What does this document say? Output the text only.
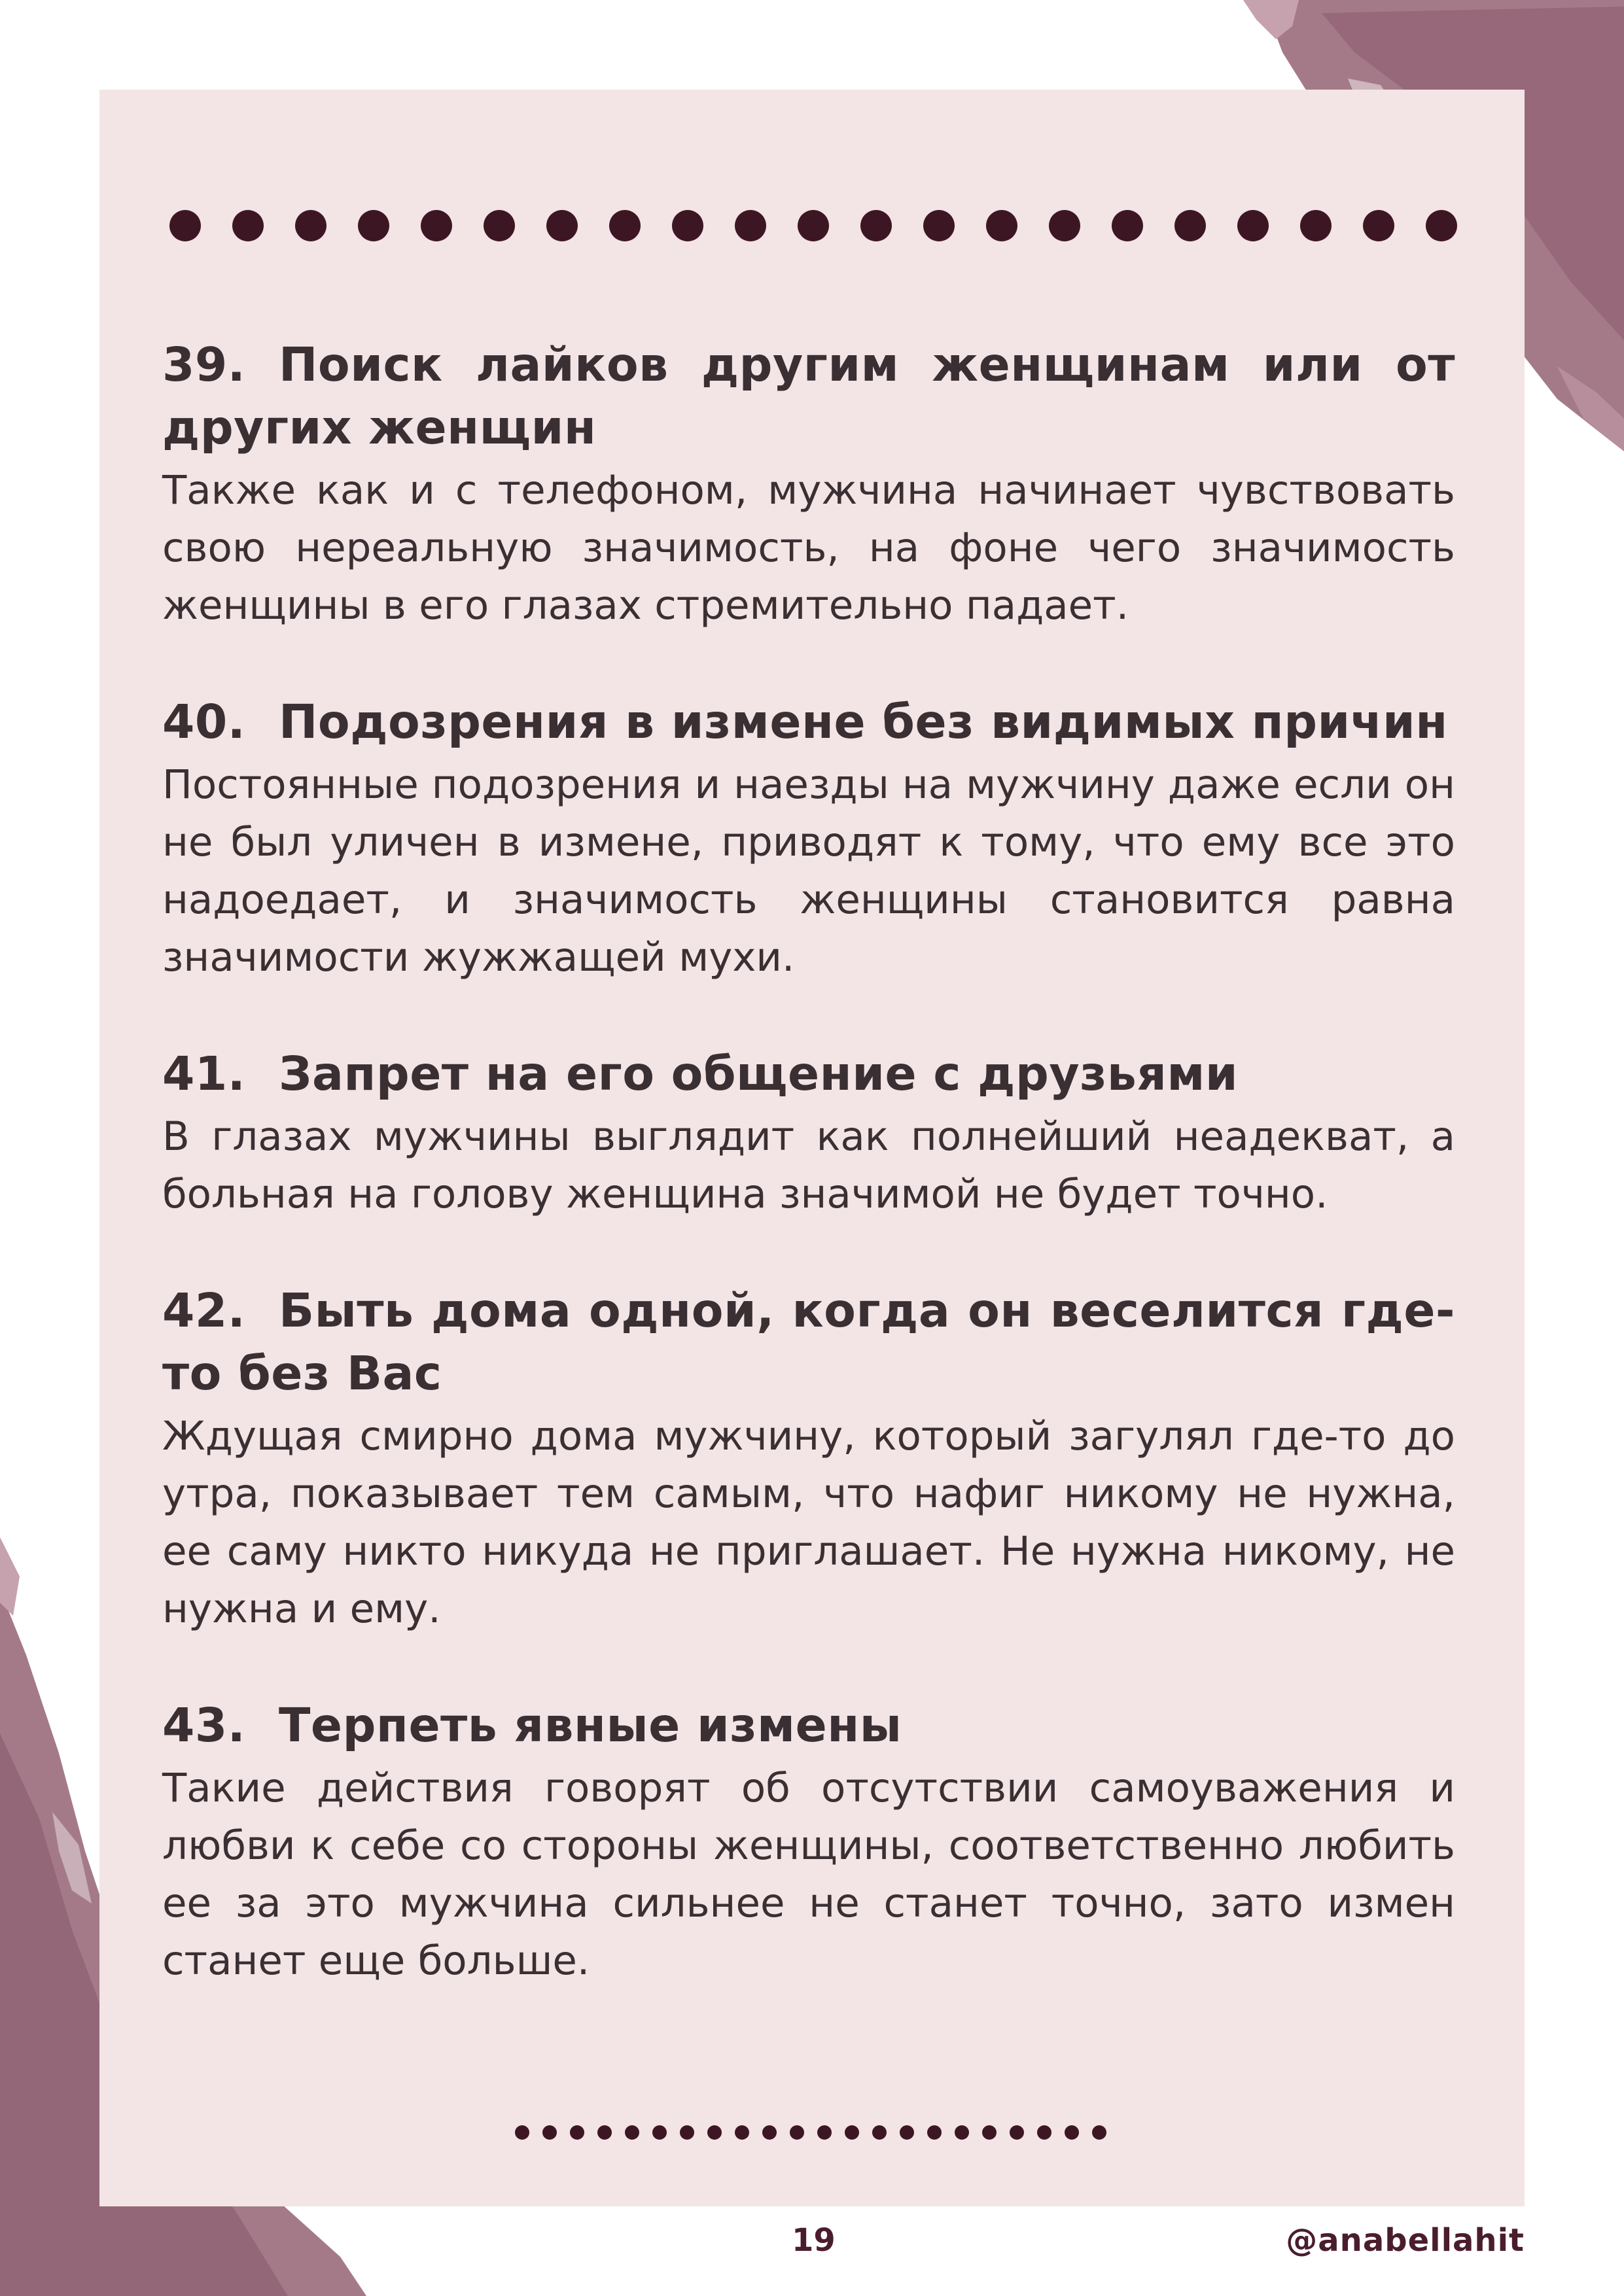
39. Поиск лайков другим женщинам или от других женщин
Также как и с телефоном, мужчина начинает чувствовать свою нереальную значимость, на фоне чего значимость женщины в его глазах стремительно падает.
40. Подозрения в измене без видимых причин
Постоянные подозрения и наезды на мужчину даже если он не был уличен в измене, приводят к тому, что ему все это надоедает, и значимость женщины становится равна значимости жужжащей мухи.
41. Запрет на его общение с друзьями
В глазах мужчины выглядит как полнейший неадекват, а больная на голову женщина значимой не будет точно.
42. Быть дома одной, когда он веселится где-то без Вас
Ждущая смирно дома мужчину, который загулял где-то до утра, показывает тем самым, что нафиг никому не нужна, ее саму никто никуда не приглашает. Не нужна никому, не нужна и ему.
43. Терпеть явные измены
Такие действия говорят об отсутствии самоуважения и любви к себе со стороны женщины, соответственно любить ее за это мужчина сильнее не станет точно, зато измен станет еще больше.
19	@anabellahit
